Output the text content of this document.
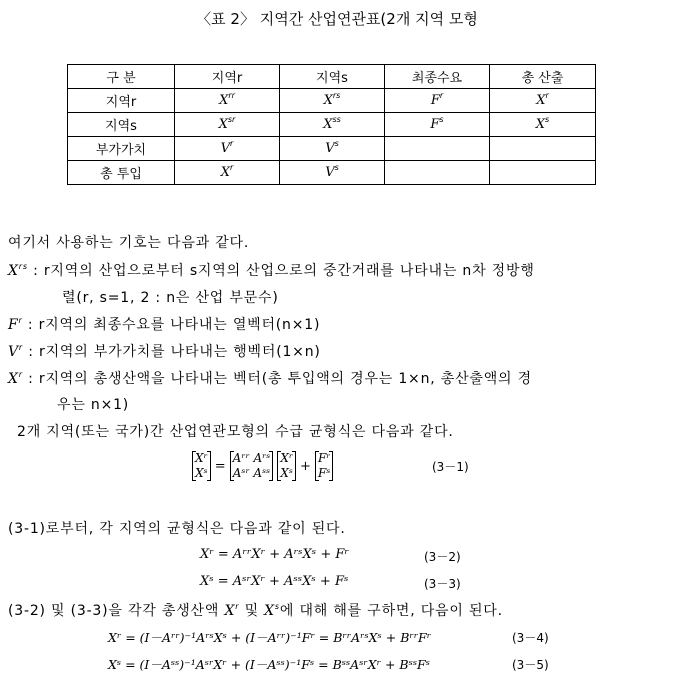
〈표 2〉 지역간 산업연관표(2개 지역 모형
구 분	지역r	지역s	최종수요	총 산출
지역r	$X^{rr}$	$X^{rs}$	$F^r$	$X^r$
지역s	$X^{sr}$	$X^{ss}$	$F^s$	$X^s$
부가가치	$V^r$	$V^s$		
총 투입	$X^r$	$V^s$		
여기서 사용하는 기호는 다음과 같다.
$X^{rs}$ : r지역의 산업으로부터 s지역의 산업으로의 중간거래를 나타내는 n차 정방행
렬(r, s=1, 2 : n은 산업 부문수)
$F^r$ : r지역의 최종수요를 나타내는 열벡터(n×1)
$V^r$ : r지역의 부가가치를 나타내는 행벡터(1×n)
$X^r$ : r지역의 총생산액을 나타내는 벡터(총 투입액의 경우는 1×n, 총산출액의 경
우는 n×1)
2개 지역(또는 국가)간 산업연관모형의 수급 균형식은 다음과 같다.
Xʳ
Xˢ =
Aʳʳ Aʳˢ
Aˢʳ Aˢˢ
Xʳ
Xˢ +
Fʳ
Fˢ	(3－1)
(3-1)로부터, 각 지역의 균형식은 다음과 같이 된다.
Xʳ = AʳʳXʳ + AʳˢXˢ + Fʳ	(3－2)
Xˢ = AˢʳXʳ + AˢˢXˢ + Fˢ	(3－3)
(3-2) 및 (3-3)을 각각 총생산액 $X^r$ 및 $X^s$에 대해 해를 구하면, 다음이 된다.
Xʳ = (I－Aʳʳ)⁻¹AʳˢXˢ + (I－Aʳʳ)⁻¹Fʳ = BʳʳAʳˢXˢ + BʳʳFʳ	(3－4)
Xˢ = (I－Aˢˢ)⁻¹AˢʳXʳ + (I－Aˢˢ)⁻¹Fˢ = BˢˢAˢʳXʳ + BˢˢFˢ	(3－5)
